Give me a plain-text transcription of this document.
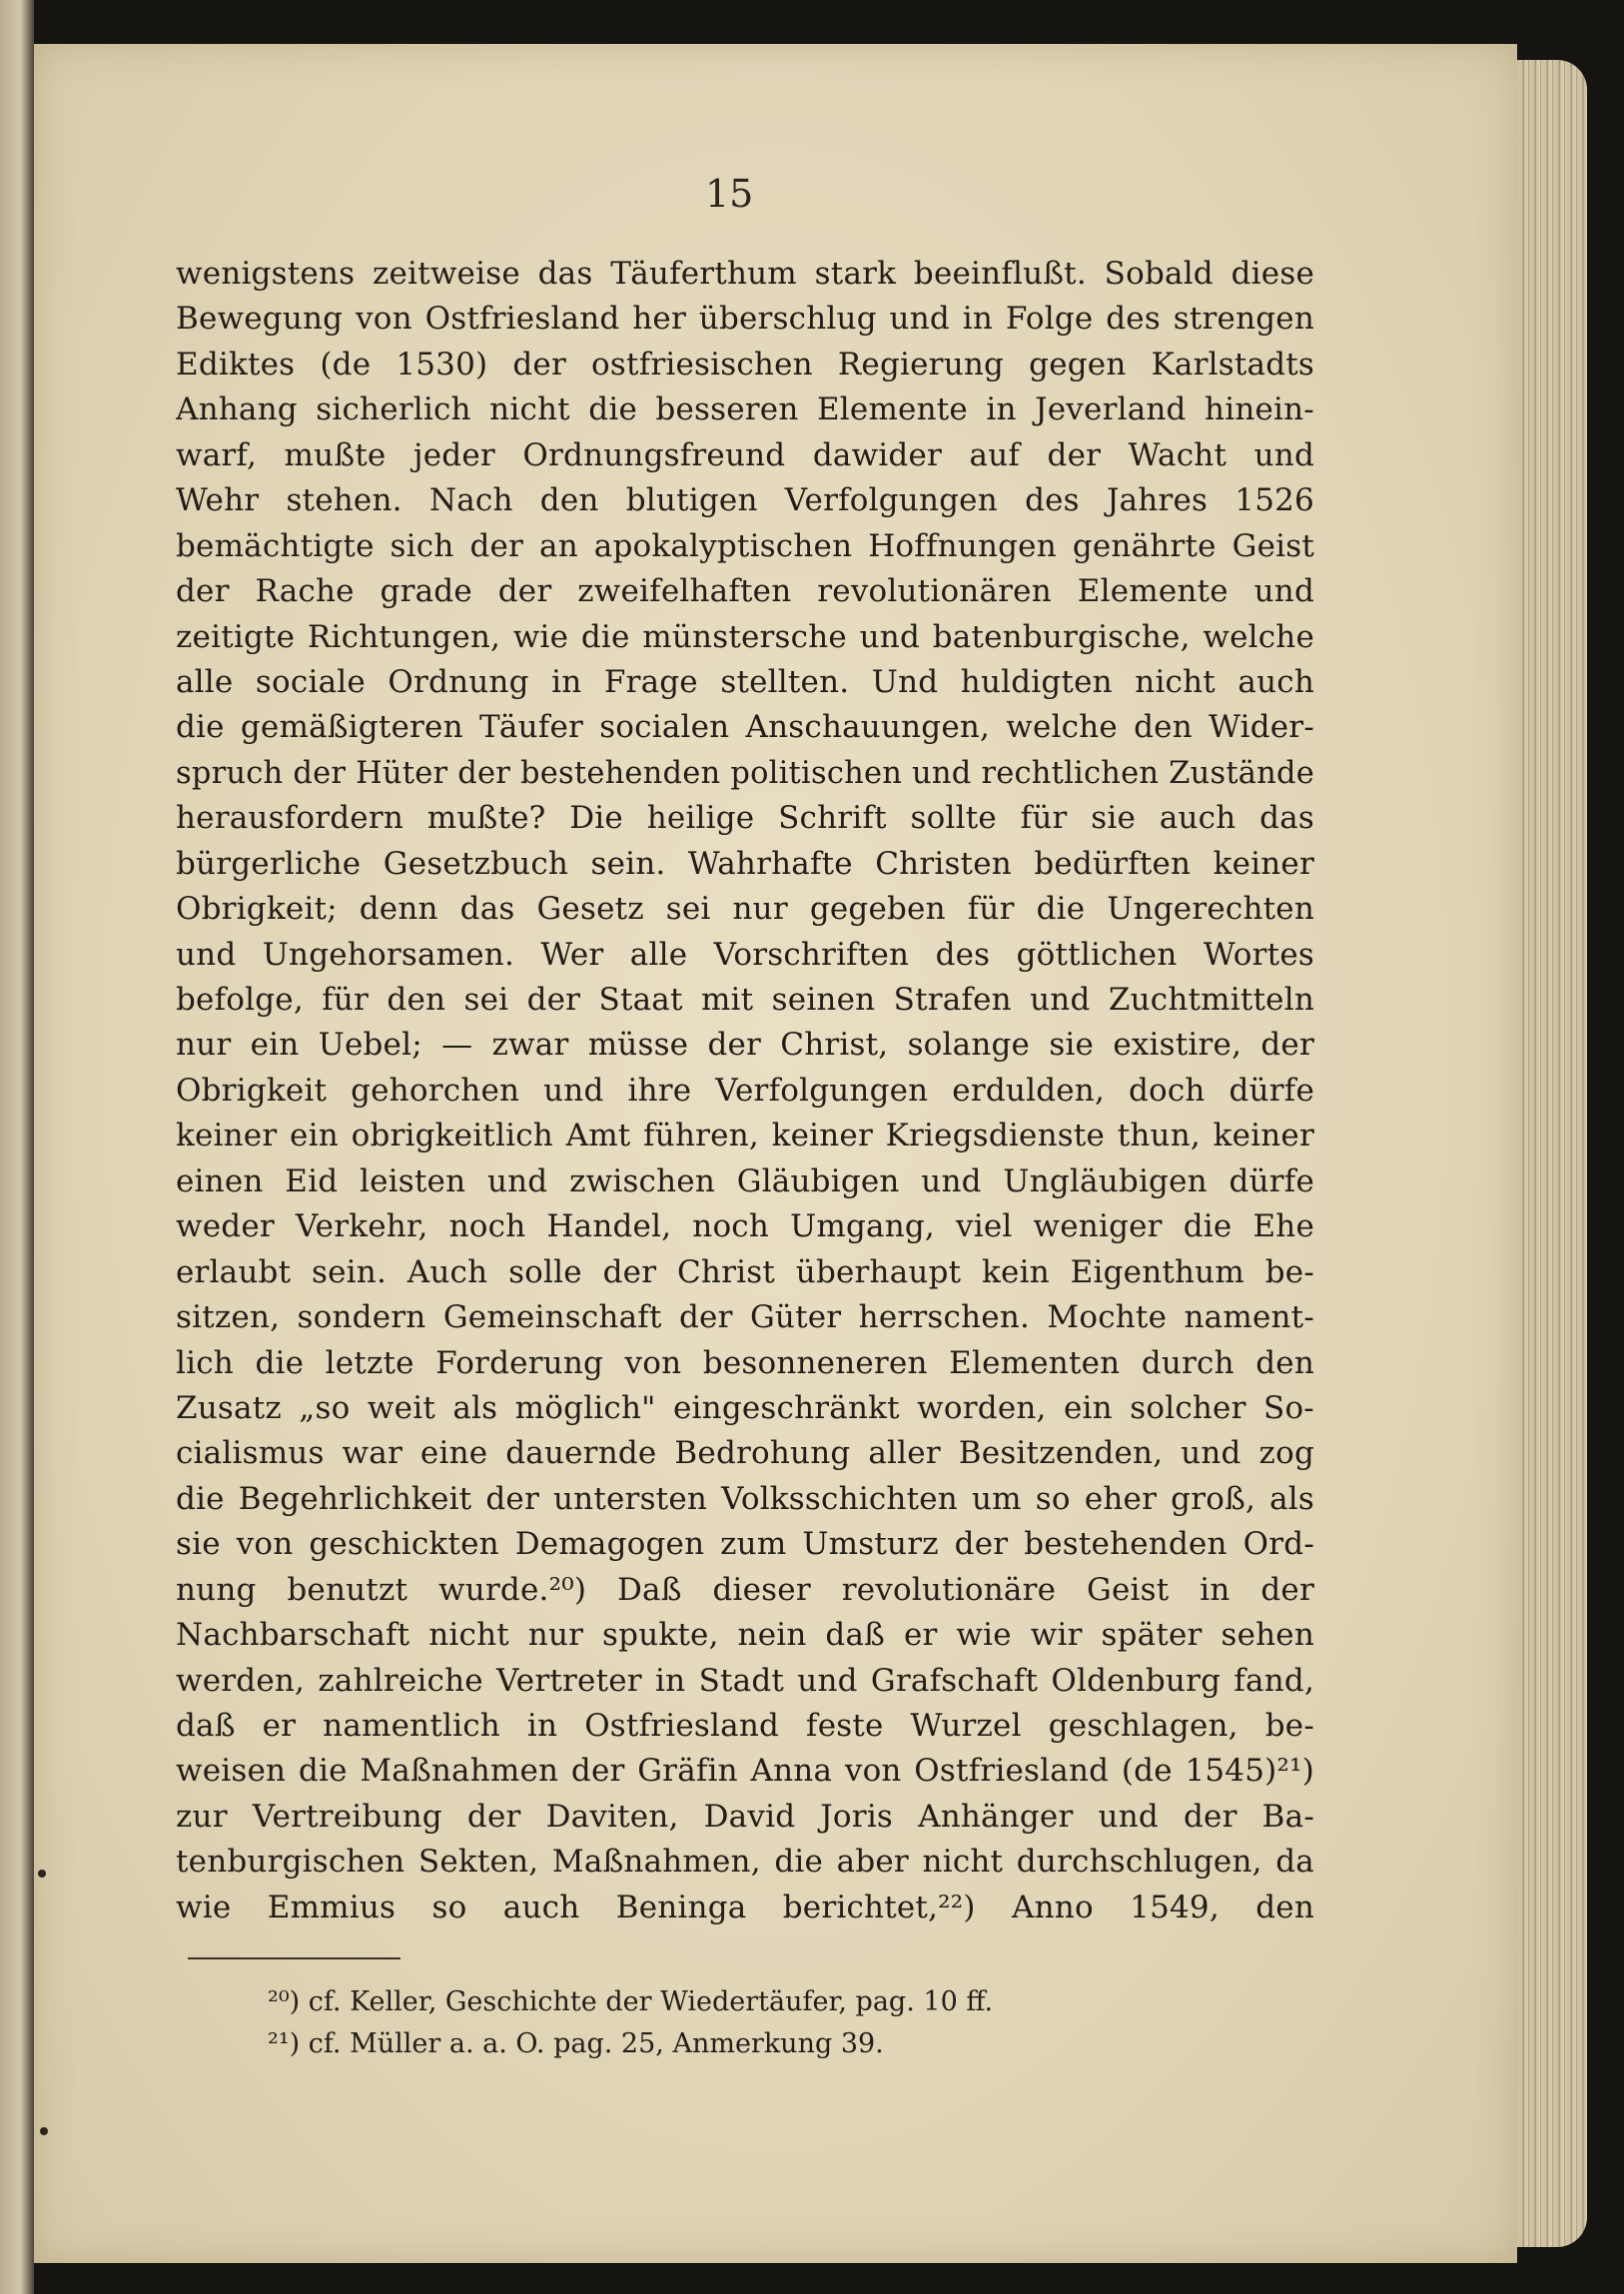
15
wenigstens zeitweise das Täuferthum stark beeinflußt. Sobald diese
Bewegung von Ostfriesland her überschlug und in Folge des strengen
Ediktes (de 1530) der ostfriesischen Regierung gegen Karlstadts
Anhang sicherlich nicht die besseren Elemente in Jeverland hinein-
warf, mußte jeder Ordnungsfreund dawider auf der Wacht und
Wehr stehen. Nach den blutigen Verfolgungen des Jahres 1526
bemächtigte sich der an apokalyptischen Hoffnungen genährte Geist
der Rache grade der zweifelhaften revolutionären Elemente und
zeitigte Richtungen, wie die münstersche und batenburgische, welche
alle sociale Ordnung in Frage stellten. Und huldigten nicht auch
die gemäßigteren Täufer socialen Anschauungen, welche den Wider-
spruch der Hüter der bestehenden politischen und rechtlichen Zustände
herausfordern mußte? Die heilige Schrift sollte für sie auch das
bürgerliche Gesetzbuch sein. Wahrhafte Christen bedürften keiner
Obrigkeit; denn das Gesetz sei nur gegeben für die Ungerechten
und Ungehorsamen. Wer alle Vorschriften des göttlichen Wortes
befolge, für den sei der Staat mit seinen Strafen und Zuchtmitteln
nur ein Uebel; — zwar müsse der Christ, solange sie existire, der
Obrigkeit gehorchen und ihre Verfolgungen erdulden, doch dürfe
keiner ein obrigkeitlich Amt führen, keiner Kriegsdienste thun, keiner
einen Eid leisten und zwischen Gläubigen und Ungläubigen dürfe
weder Verkehr, noch Handel, noch Umgang, viel weniger die Ehe
erlaubt sein. Auch solle der Christ überhaupt kein Eigenthum be-
sitzen, sondern Gemeinschaft der Güter herrschen. Mochte nament-
lich die letzte Forderung von besonneneren Elementen durch den
Zusatz „so weit als möglich" eingeschränkt worden, ein solcher So-
cialismus war eine dauernde Bedrohung aller Besitzenden, und zog
die Begehrlichkeit der untersten Volksschichten um so eher groß, als
sie von geschickten Demagogen zum Umsturz der bestehenden Ord-
nung benutzt wurde.²⁰) Daß dieser revolutionäre Geist in der
Nachbarschaft nicht nur spukte, nein daß er wie wir später sehen
werden, zahlreiche Vertreter in Stadt und Grafschaft Oldenburg fand,
daß er namentlich in Ostfriesland feste Wurzel geschlagen, be-
weisen die Maßnahmen der Gräfin Anna von Ostfriesland (de 1545)²¹)
zur Vertreibung der Daviten, David Joris Anhänger und der Ba-
tenburgischen Sekten, Maßnahmen, die aber nicht durchschlugen, da
wie Emmius so auch Beninga berichtet,²²) Anno 1549, den
²⁰) cf. Keller, Geschichte der Wiedertäufer, pag. 10 ff.
²¹) cf. Müller a. a. O. pag. 25, Anmerkung 39.
